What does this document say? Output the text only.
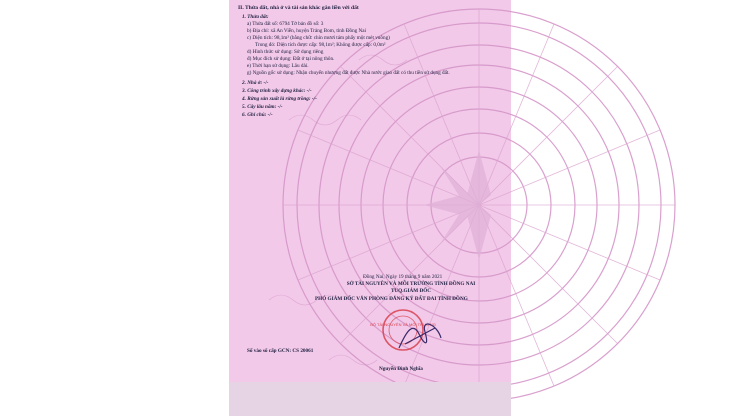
II. Thửa đất, nhà ở và tài sản khác gắn liền với đất
1. Thửa đất:
a) Thửa đất số: 6794 Tờ bản đồ số: 3
b) Địa chỉ: xã An Viễn, huyện Trảng Bom, tỉnh Đồng Nai
c) Diện tích: 98,1m² (bằng chữ: chín mươi tám phẩy một mét vuông)
Trong đó: Diện tích được cấp: 98,1m²; Không được cấp: 0,0m²
d) Hình thức sử dụng: Sử dụng riêng
đ) Mục đích sử dụng: Đất ở tại nông thôn.
e) Thời hạn sử dụng: Lâu dài.
g) Nguồn gốc sử dụng: Nhận chuyển nhượng đất được Nhà nước giao đất có thu tiền sử dụng đất.
2. Nhà ở: -/-
3. Công trình xây dựng khác: -/-
4. Rừng sản xuất là rừng trồng: -/-
5. Cây lâu năm: -/-
6. Ghi chú: -/-
Đồng Nai, Ngày 19 tháng 9 năm 2021
SỞ TÀI NGUYÊN VÀ MÔI TRƯỜNG TỈNH ĐỒNG NAI
TUQ.GIÁM ĐỐC
PHÓ GIÁM ĐỐC VĂN PHÒNG ĐĂNG KÝ ĐẤT ĐAI TỈNH ĐỒNG
BỘ TÀI NGUYÊN VÀ MÔI TRƯỜNG
Nguyễn Đình Nghĩa
Số vào sổ cấp GCN: CS 20061
